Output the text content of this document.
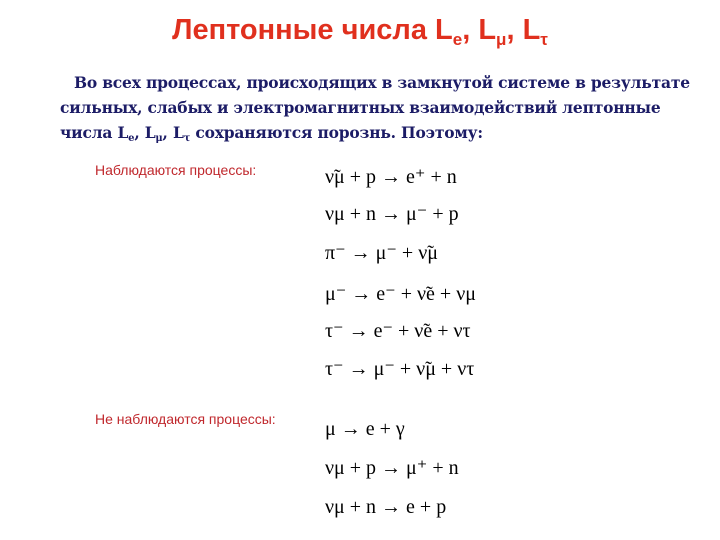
Лептонные числа $L_e$, $L_\mu$, $L_\tau$
Во всех процессах, происходящих в замкнутой системе в результате
сильных, слабых и электромагнитных взаимодействий лептонные
числа $L_e$, $L_\mu$, $L_\tau$ сохраняются порознь. Поэтому:
Наблюдаются процессы:	ν̃μ + p → e⁺ + n
νμ + n → μ⁻ + p
π⁻ → μ⁻ + ν̃μ
μ⁻ → e⁻ + ν̃e + νμ
τ⁻ → e⁻ + ν̃e + ντ
τ⁻ → μ⁻ + ν̃μ + ντ
Не наблюдаются процессы: μ → e + γ
νμ + p → μ⁺ + n
νμ + n → e + p
